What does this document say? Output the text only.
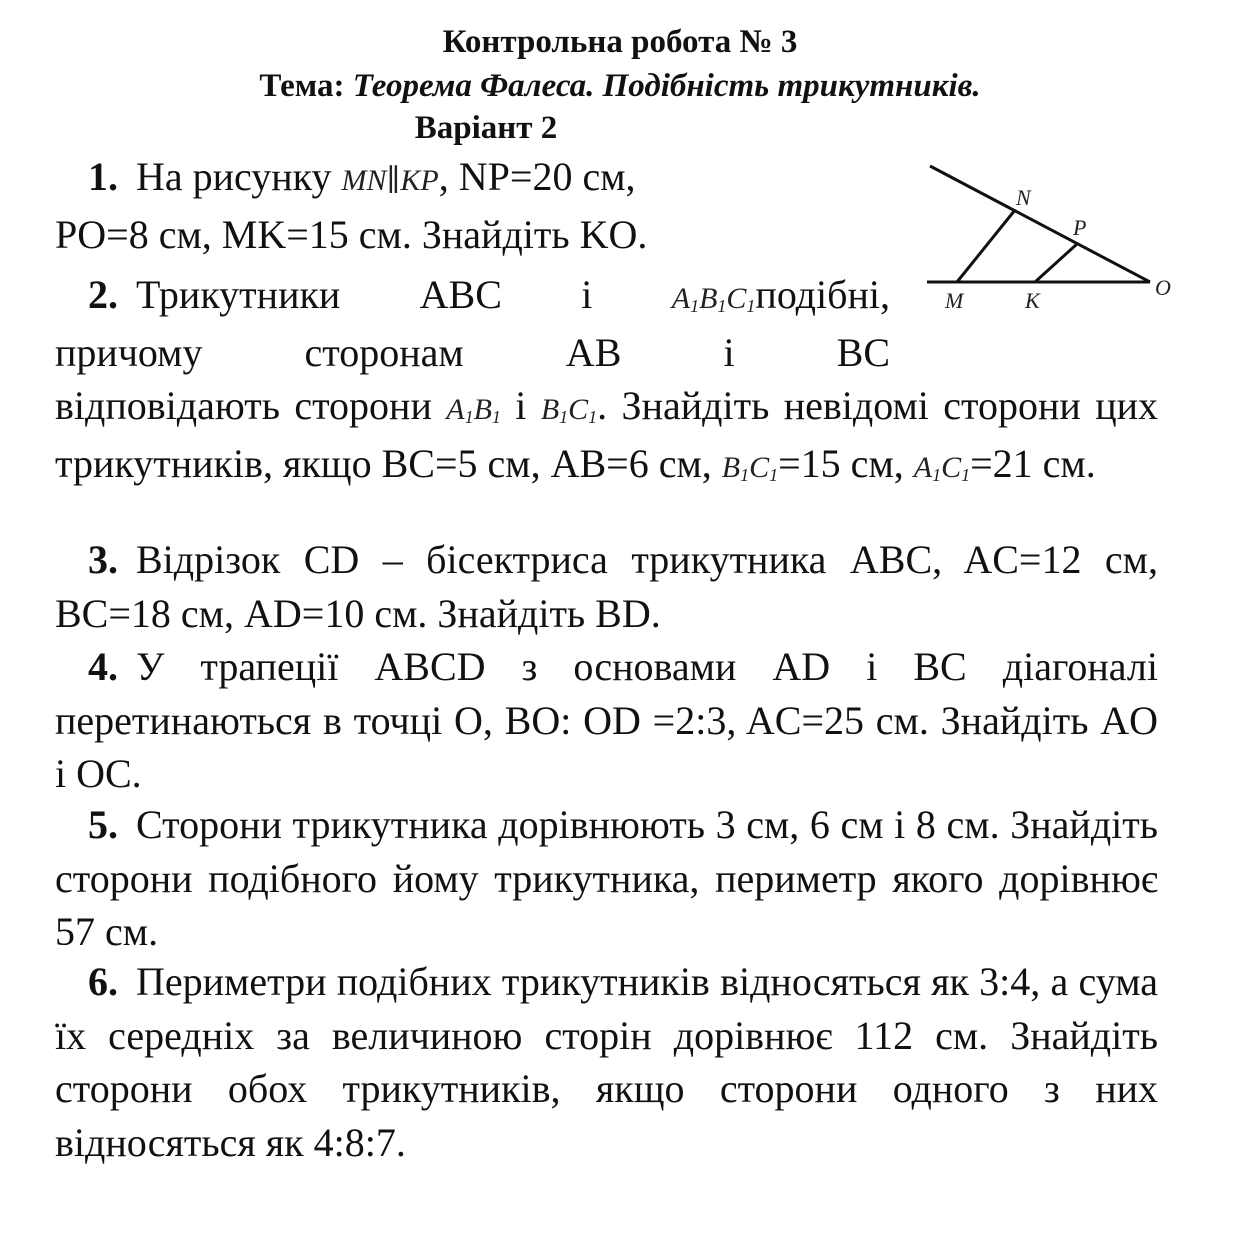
Контрольна робота № 3
Тема: Теорема Фалеса. Подібність трикутників.
Варіант 2

1. На рисунку MN∥KP, NP=20 см,
PO=8 см, MK=15 см. Знайдіть KO.

2. Трикутники ABC і	$A_1B_1C_1подібні$,
причому сторонам AB і BC
відповідають сторони $A_1B_1$ і $B_1C_1$. Знайдіть невідомі сторони цих трикутників, якщо BC=5 см, AB=6 см, $B_1C_1=15$ см, $A_1C_1=21$ см.

3. Відрізок CD – бісектриса трикутника ABC, AC=12 см, BC=18 см, AD=10 см. Знайдіть BD.

4. У трапеції ABCD з основами AD і BC діагоналі перетинаються в точці O, BO: OD =2:3, AC=25 см. Знайдіть AO і OC.

5. Сторони трикутника дорівнюють 3 см, 6 см і 8 см. Знайдіть сторони подібного йому трикутника, периметр якого дорівнює 57 см.

6. Периметри подібних трикутників відносяться як 3:4, а сума їх середніх за величиною сторін дорівнює 112 см. Знайдіть сторони обох трикутників, якщо сторони одного з них відносяться як 4:8:7.

N
P
O
M	K
